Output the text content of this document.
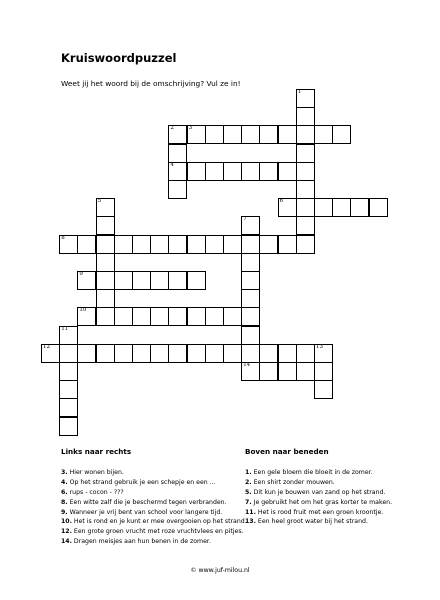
Kruiswoordpuzzel
Weet jij het woord bij de omschrijving? Vul ze in!
1
2
4
3
5	6
7
14
8
9
10
11
12	13
Links naar rechts
3. Hier wonen bijen.
4. Op het strand gebruik je een schepje en een ...
6. rups - cocon - ???
8. Een witte zalf die je beschermd tegen verbranden.
9. Wanneer je vrij bent van school voor langere tijd.
10. Het is rond en je kunt er mee overgooien op het strand.
12. Een grote groen vrucht met roze vruchtvlees en pitjes.
14. Dragen meisjes aan hun benen in de zomer.
Boven naar beneden
1. Een gele bloem die bloeit in de zomer.
2. Een shirt zonder mouwen.
5. Dit kun je bouwen van zand op het strand.
7. Je gebruikt het om het gras korter te maken.
11. Het is rood fruit met een groen kroontje.
13. Een heel groot water bij het strand.
© www.juf-milou.nl
